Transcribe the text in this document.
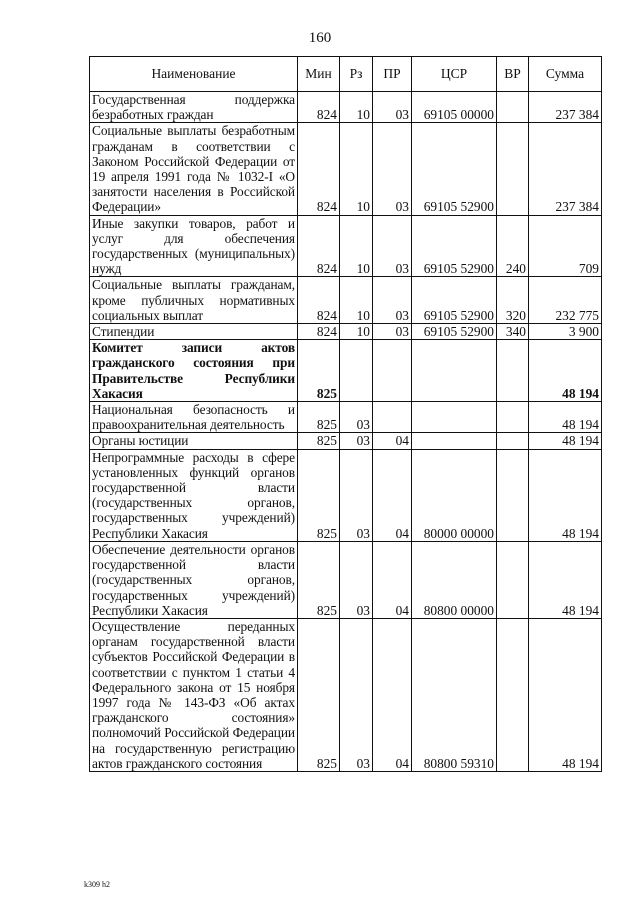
160
Наименование	Мин	Рз	ПР	ЦСР	ВР	Сумма
Государственная поддержка безработных граждан	824	10	03	69105 00000		237 384
Социальные выплаты безработным гражданам в соответствии с Законом Российской Федерации от 19 апреля 1991 года № 1032-I «О занятости населения в Российской Федерации»	824	10	03	69105 52900		237 384
Иные закупки товаров, работ и услуг для обеспечения государственных (муниципальных) нужд	824	10	03	69105 52900	240	709
Социальные выплаты гражданам, кроме публичных нормативных социальных выплат	824	10	03	69105 52900	320	232 775
Стипендии	824	10	03	69105 52900	340	3 900
Комитет записи актов гражданского состояния при Правительстве Республики Хакасия	825					48 194
Национальная безопасность и правоохранительная деятельность	825	03				48 194
Органы юстиции	825	03	04			48 194
Непрограммные расходы в сфере установленных функций органов государственной власти (государственных органов, государственных учреждений) Республики Хакасия	825	03	04	80000 00000		48 194
Обеспечение деятельности органов государственной власти (государственных органов, государственных учреждений) Республики Хакасия	825	03	04	80800 00000		48 194
Осуществление переданных органам государственной власти субъектов Российской Федерации в соответствии с пунктом 1 статьи 4 Федерального закона от 15 ноября 1997 года № 143-ФЗ «Об актах гражданского состояния» полномочий Российской Федерации на государственную регистрацию актов гражданского состояния	825	03	04	80800 59310		48 194
k309 h2
